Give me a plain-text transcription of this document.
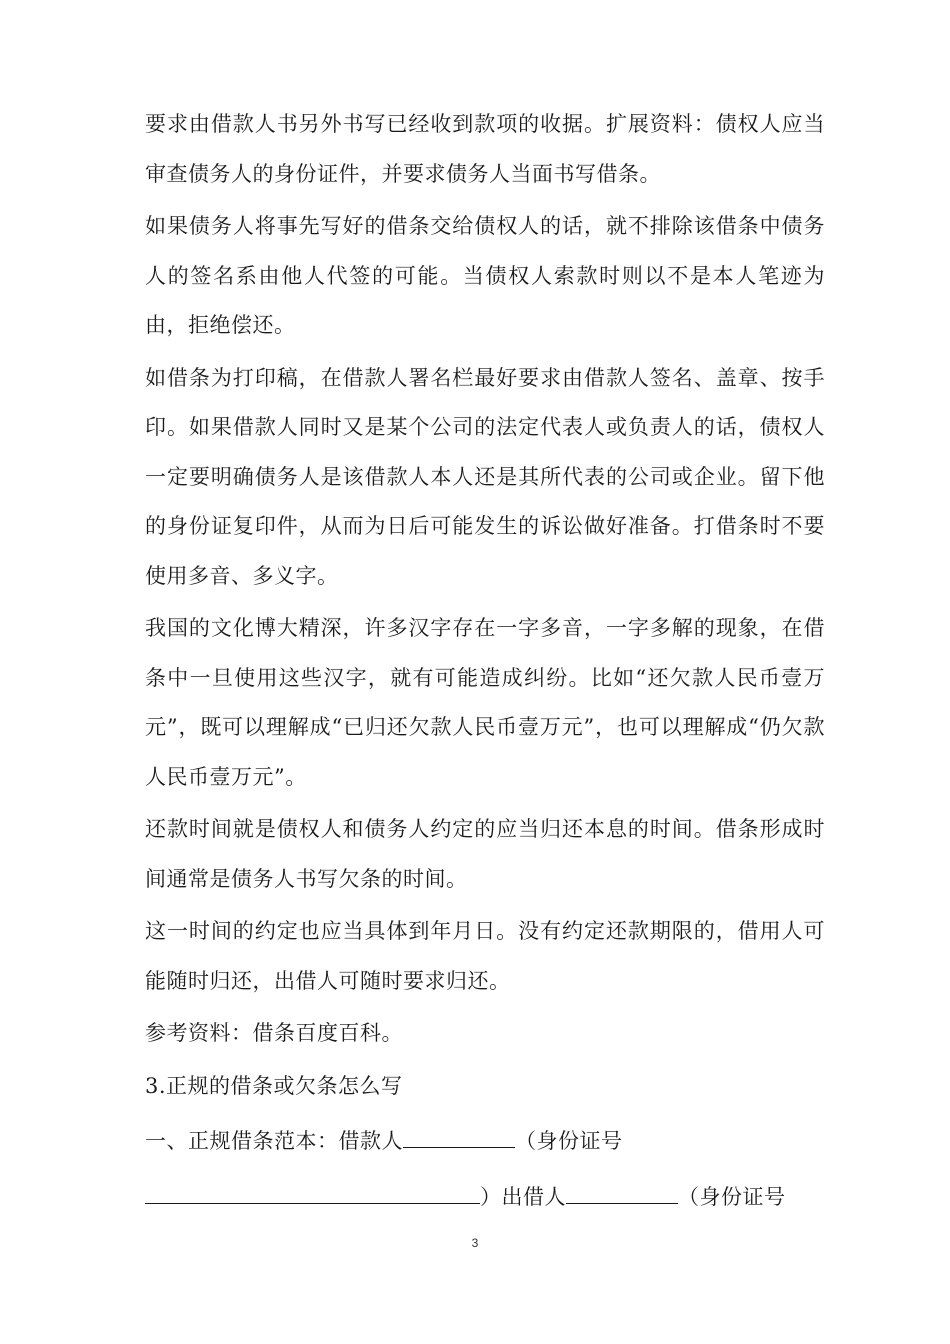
要求由借款人书另外书写已经收到款项的收据。扩展资料：债权人应当审查债务人的身份证件，并要求债务人当面书写借条。

如果债务人将事先写好的借条交给债权人的话，就不排除该借条中债务人的签名系由他人代签的可能。当债权人索款时则以不是本人笔迹为由，拒绝偿还。

如借条为打印稿，在借款人署名栏最好要求由借款人签名、盖章、按手印。如果借款人同时又是某个公司的法定代表人或负责人的话，债权人一定要明确债务人是该借款人本人还是其所代表的公司或企业。留下他的身份证复印件，从而为日后可能发生的诉讼做好准备。打借条时不要使用多音、多义字。

我国的文化博大精深，许多汉字存在一字多音，一字多解的现象，在借条中一旦使用这些汉字，就有可能造成纠纷。比如“还欠款人民币壹万元”，既可以理解成“已归还欠款人民币壹万元”，也可以理解成“仍欠款人民币壹万元”。

还款时间就是债权人和债务人约定的应当归还本息的时间。借条形成时间通常是债务人书写欠条的时间。

这一时间的约定也应当具体到年月日。没有约定还款期限的，借用人可能随时归还，出借人可随时要求归还。

参考资料：借条百度百科。

3.正规的借条或欠条怎么写

一、正规借条范本：借款人	（身份证号
）出借人	（身份证号
3
